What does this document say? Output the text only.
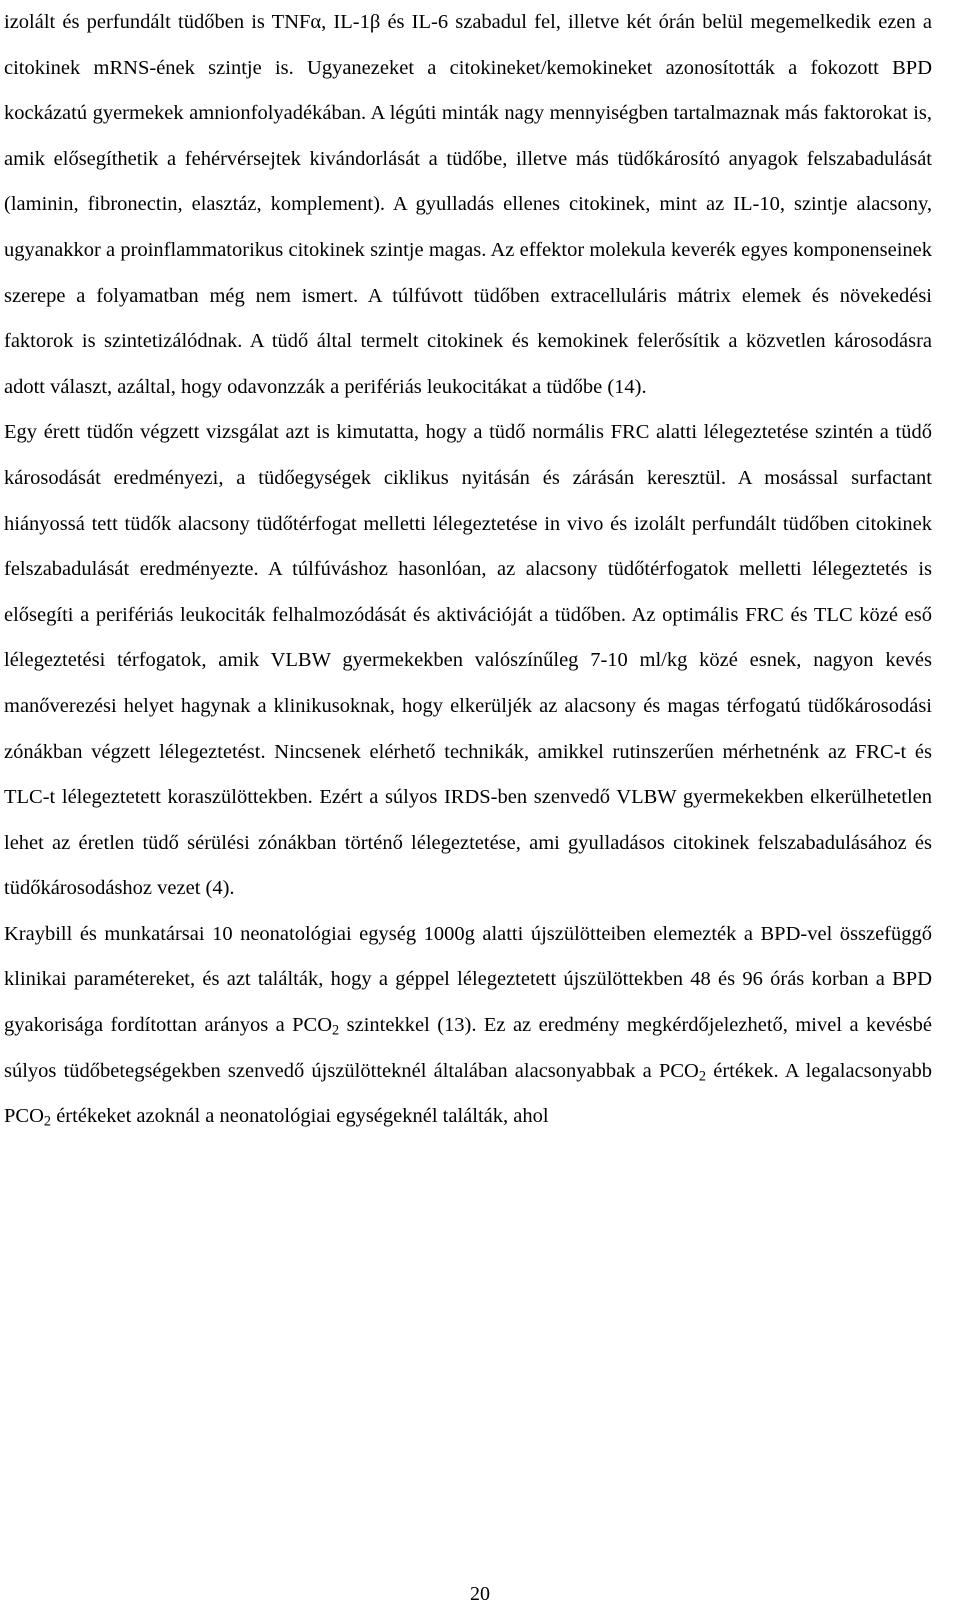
izolált és perfundált tüdőben is TNFα, IL-1β és IL-6 szabadul fel, illetve két órán belül megemelkedik ezen a citokinek mRNS-ének szintje is. Ugyanezeket a citokineket/kemokineket azonosították a fokozott BPD kockázatú gyermekek amnionfolyadékában. A légúti minták nagy mennyiségben tartalmaznak más faktorokat is, amik elősegíthetik a fehérvérsejtek kivándorlását a tüdőbe, illetve más tüdőkárosító anyagok felszabadulását (laminin, fibronectin, elasztáz, komplement). A gyulladás ellenes citokinek, mint az IL-10, szintje alacsony, ugyanakkor a proinflammatorikus citokinek szintje magas. Az effektor molekula keverék egyes komponenseinek szerepe a folyamatban még nem ismert. A túlfúvott tüdőben extracelluláris mátrix elemek és növekedési faktorok is szintetizálódnak. A tüdő által termelt citokinek és kemokinek felerősítik a közvetlen károsodásra adott választ, azáltal, hogy odavonzzák a perifériás leukocitákat a tüdőbe (14).

Egy érett tüdőn végzett vizsgálat azt is kimutatta, hogy a tüdő normális FRC alatti lélegeztetése szintén a tüdő károsodását eredményezi, a tüdőegységek ciklikus nyitásán és zárásán keresztül. A mosással surfactant hiányossá tett tüdők alacsony tüdőtérfogat melletti lélegeztetése in vivo és izolált perfundált tüdőben citokinek felszabadulását eredményezte. A túlfúváshoz hasonlóan, az alacsony tüdőtérfogatok melletti lélegeztetés is elősegíti a perifériás leukociták felhalmozódását és aktivációját a tüdőben. Az optimális FRC és TLC közé eső lélegeztetési térfogatok, amik VLBW gyermekekben valószínűleg 7-10 ml/kg közé esnek, nagyon kevés manőverezési helyet hagynak a klinikusoknak, hogy elkerüljék az alacsony és magas térfogatú tüdőkárosodási zónákban végzett lélegeztetést. Nincsenek elérhető technikák, amikkel rutinszerűen mérhetnénk az FRC-t és TLC-t lélegeztetett koraszülöttekben. Ezért a súlyos IRDS-ben szenvedő VLBW gyermekekben elkerülhetetlen lehet az éretlen tüdő sérülési zónákban történő lélegeztetése, ami gyulladásos citokinek felszabadulásához és tüdőkárosodáshoz vezet (4).

Kraybill és munkatársai 10 neonatológiai egység 1000g alatti újszülötteiben elemezték a BPD-vel összefüggő klinikai paramétereket, és azt találták, hogy a géppel lélegeztetett újszülöttekben 48 és 96 órás korban a BPD gyakorisága fordítottan arányos a $PCO_2$ szintekkel (13). Ez az eredmény megkérdőjelezhető, mivel a kevésbé súlyos tüdőbetegségekben szenvedő újszülötteknél általában alacsonyabbak a $PCO_2$ értékek. A legalacsonyabb $PCO_2$ értékeket azoknál a neonatológiai egységeknél találták, ahol

20
